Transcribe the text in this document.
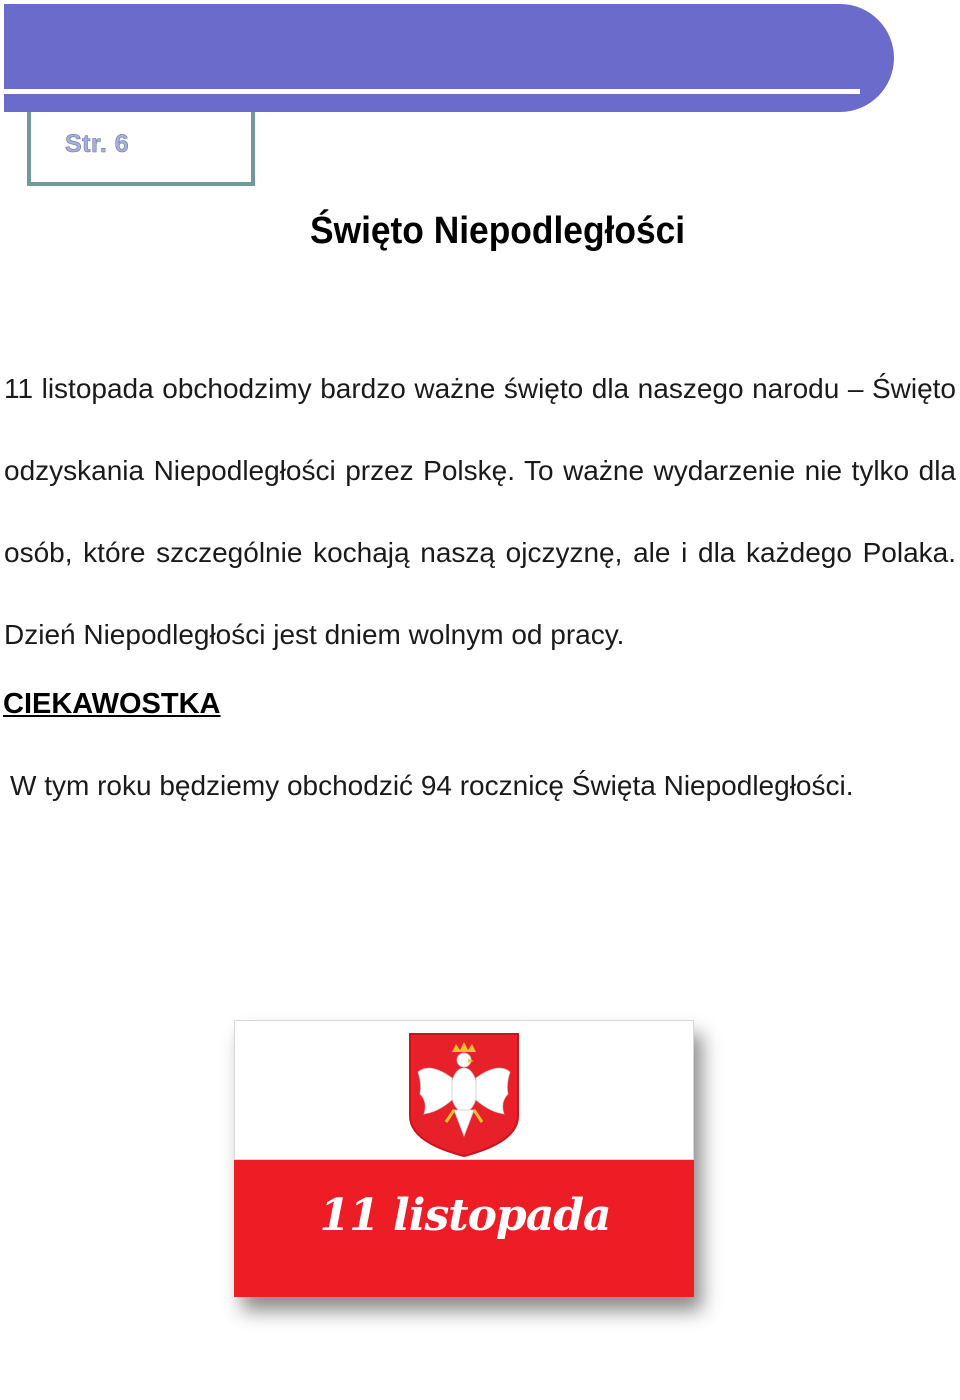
Str. 6
Święto Niepodległości

11 listopada obchodzimy bardzo ważne święto dla naszego narodu – Święto odzyskania Niepodległości przez Polskę. To ważne wydarzenie nie tylko dla osób, które szczególnie kochają naszą ojczyznę, ale i dla każdego Polaka. Dzień Niepodległości jest dniem wolnym od pracy.

CIEKAWOSTKA

W tym roku będziemy obchodzić 94 rocznicę Święta Niepodległości.

11 listopada
